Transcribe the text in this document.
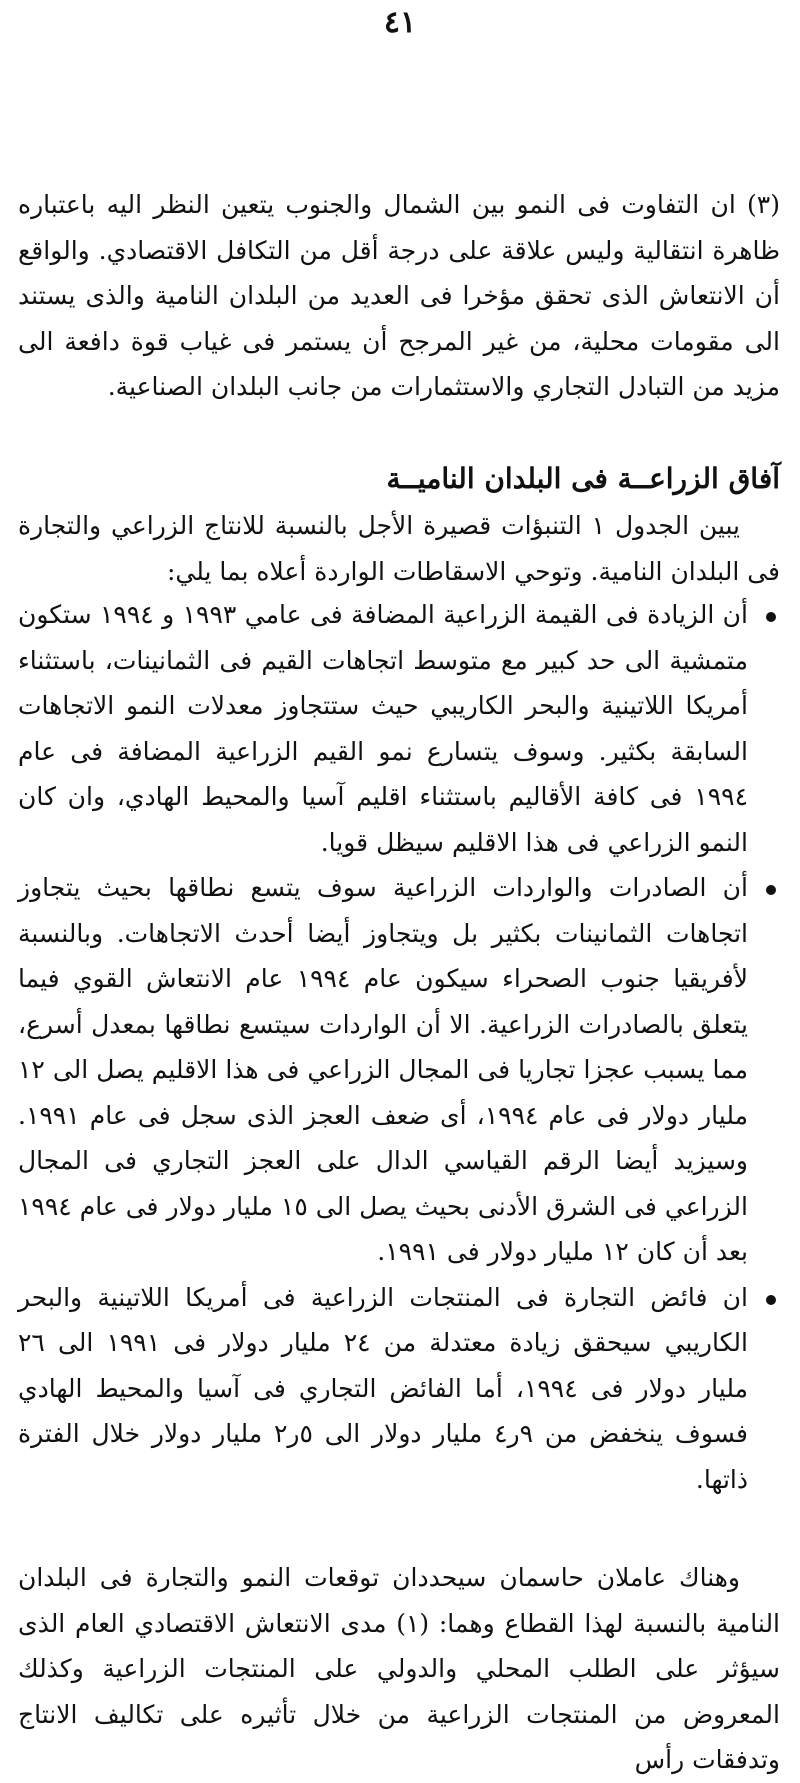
٤١

(٣) ان التفاوت فى النمو بين الشمال والجنوب يتعين النظر اليه باعتباره ظاهرة انتقالية وليس علاقة على درجة أقل من التكافل الاقتصادي. والواقع أن الانتعاش الذى تحقق مؤخرا فى العديد من البلدان النامية والذى يستند الى مقومات محلية، من غير المرجح أن يستمر فى غياب قوة دافعة الى مزيد من التبادل التجاري والاستثمارات من جانب البلدان الصناعية.

آفاق الزراعــة فى البلدان الناميــة

يبين الجدول ١ التنبؤات قصيرة الأجل بالنسبة للانتاج الزراعي والتجارة فى البلدان النامية. وتوحي الاسقاطات الواردة أعلاه بما يلي:

أن الزيادة فى القيمة الزراعية المضافة فى عامي ١٩٩٣ و ١٩٩٤ ستكون متمشية الى حد كبير مع متوسط اتجاهات القيم فى الثمانينات، باستثناء أمريكا اللاتينية والبحر الكاريبي حيث ستتجاوز معدلات النمو الاتجاهات السابقة بكثير. وسوف يتسارع نمو القيم الزراعية المضافة فى عام ١٩٩٤ فى كافة الأقاليم باستثناء اقليم آسيا والمحيط الهادي، وان كان النمو الزراعي فى هذا الاقليم سيظل قويا.

أن الصادرات والواردات الزراعية سوف يتسع نطاقها بحيث يتجاوز اتجاهات الثمانينات بكثير بل ويتجاوز أيضا أحدث الاتجاهات. وبالنسبة لأفريقيا جنوب الصحراء سيكون عام ١٩٩٤ عام الانتعاش القوي فيما يتعلق بالصادرات الزراعية. الا أن الواردات سيتسع نطاقها بمعدل أسرع، مما يسبب عجزا تجاريا فى المجال الزراعي فى هذا الاقليم يصل الى ١٢ مليار دولار فى عام ١٩٩٤، أى ضعف العجز الذى سجل فى عام ١٩٩١. وسيزيد أيضا الرقم القياسي الدال على العجز التجاري فى المجال الزراعي فى الشرق الأدنى بحيث يصل الى ١٥ مليار دولار فى عام ١٩٩٤ بعد أن كان ١٢ مليار دولار فى ١٩٩١.

ان فائض التجارة فى المنتجات الزراعية فى أمريكا اللاتينية والبحر الكاريبي سيحقق زيادة معتدلة من ٢٤ مليار دولار فى ١٩٩١ الى ٢٦ مليار دولار فى ١٩٩٤، أما الفائض التجاري فى آسيا والمحيط الهادي فسوف ينخفض من ٩ر٤ مليار دولار الى ٥ر٢ مليار دولار خلال الفترة ذاتها.

وهناك عاملان حاسمان سيحددان توقعات النمو والتجارة فى البلدان النامية بالنسبة لهذا القطاع وهما: (١) مدى الانتعاش الاقتصادي العام الذى سيؤثر على الطلب المحلي والدولي على المنتجات الزراعية وكذلك المعروض من المنتجات الزراعية من خلال تأثيره على تكاليف الانتاج وتدفقات رأس
